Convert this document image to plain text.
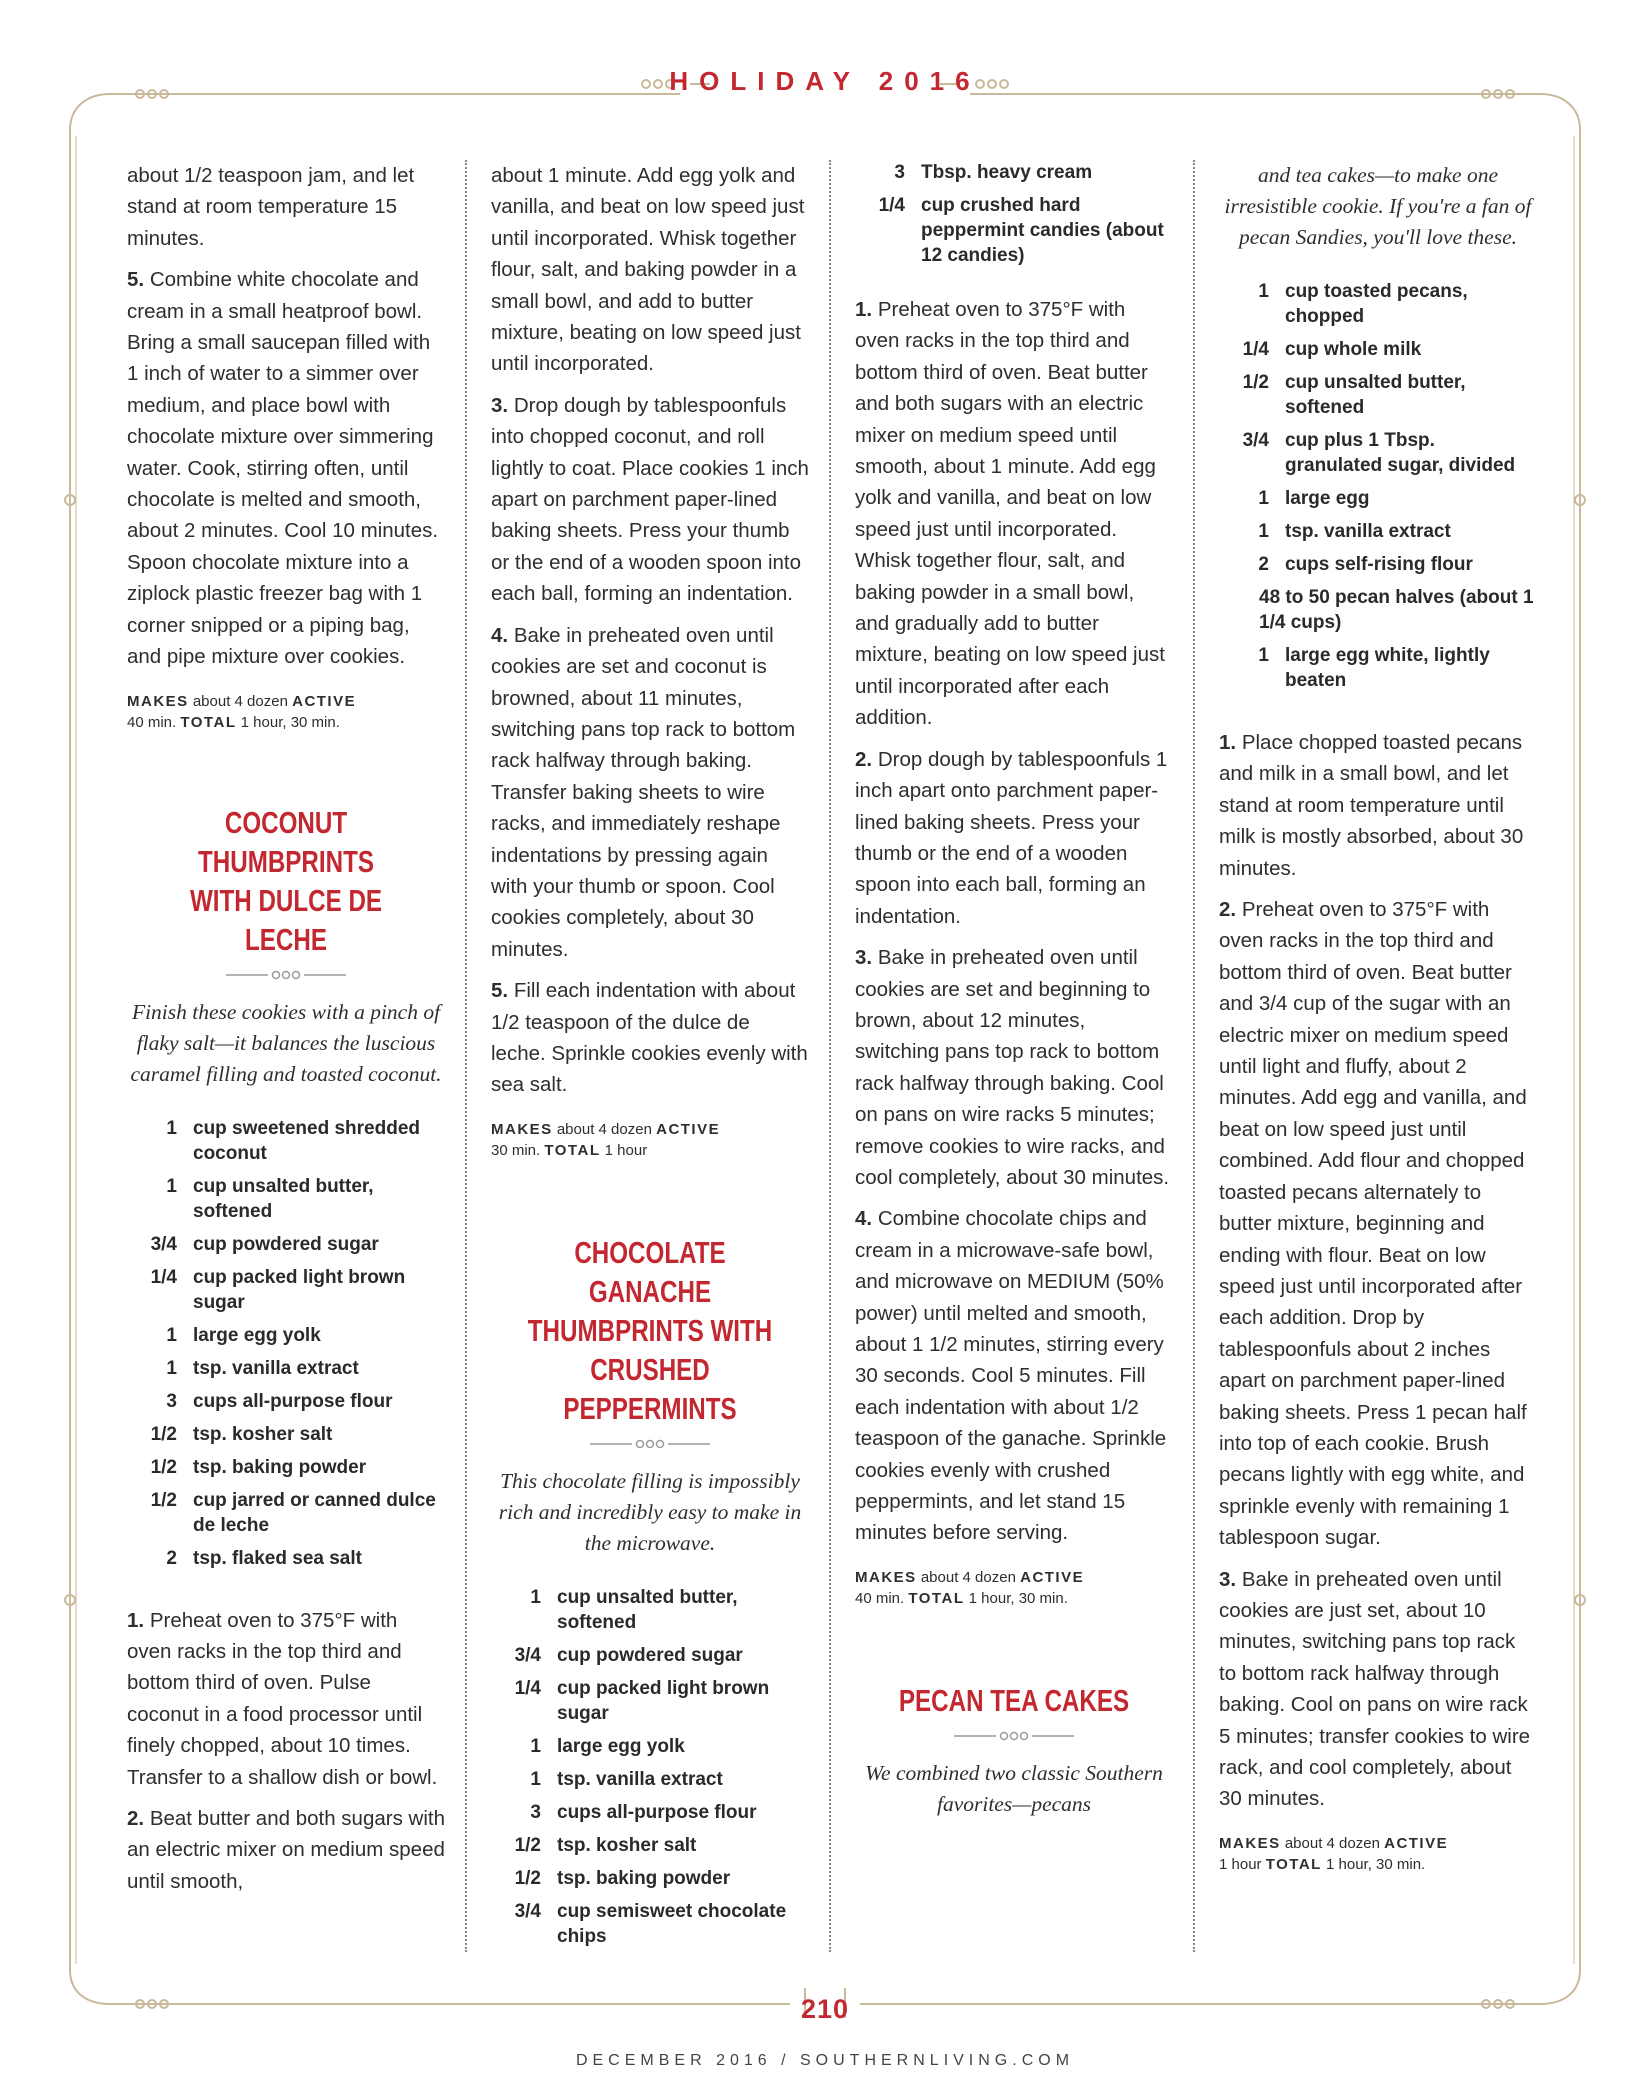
HOLIDAY 2016

about 1/2 teaspoon jam, and let stand at room temperature 15 minutes.

5. Combine white chocolate and cream in a small heatproof bowl. Bring a small saucepan filled with 1 inch of water to a simmer over medium, and place bowl with chocolate mixture over simmering water. Cook, stirring often, until chocolate is melted and smooth, about 2 minutes. Cool 10 minutes. Spoon chocolate mixture into a ziplock plastic freezer bag with 1 corner snipped or a piping bag, and pipe mixture over cookies.

MAKES about 4 dozen ACTIVE
40 min. TOTAL 1 hour, 30 min.

COCONUT THUMBPRINTS
WITH DULCE DE LECHE

Finish these cookies with a pinch of flaky salt—it balances the luscious caramel filling and toasted coconut.

1 cup sweetened shredded coconut
1 cup unsalted butter, softened
3/4 cup powdered sugar
1/4 cup packed light brown sugar
1 large egg yolk
1 tsp. vanilla extract
3 cups all-purpose flour
1/2 tsp. kosher salt
1/2 tsp. baking powder
1/2 cup jarred or canned dulce de leche
2 tsp. flaked sea salt

1. Preheat oven to 375°F with oven racks in the top third and bottom third of oven. Pulse coconut in a food processor until finely chopped, about 10 times. Transfer to a shallow dish or bowl.

2. Beat butter and both sugars with an electric mixer on medium speed until smooth,

about 1 minute. Add egg yolk and vanilla, and beat on low speed just until incorporated. Whisk together flour, salt, and baking powder in a small bowl, and add to butter mixture, beating on low speed just until incorporated.

3. Drop dough by tablespoonfuls into chopped coconut, and roll lightly to coat. Place cookies 1 inch apart on parchment paper-lined baking sheets. Press your thumb or the end of a wooden spoon into each ball, forming an indentation.

4. Bake in preheated oven until cookies are set and coconut is browned, about 11 minutes, switching pans top rack to bottom rack halfway through baking. Transfer baking sheets to wire racks, and immediately reshape indentations by pressing again with your thumb or spoon. Cool cookies completely, about 30 minutes.

5. Fill each indentation with about 1/2 teaspoon of the dulce de leche. Sprinkle cookies evenly with sea salt.

MAKES about 4 dozen ACTIVE
30 min. TOTAL 1 hour

CHOCOLATE GANACHE
THUMBPRINTS WITH
CRUSHED PEPPERMINTS

This chocolate filling is impossibly rich and incredibly easy to make in the microwave.

1 cup unsalted butter, softened
3/4 cup powdered sugar
1/4 cup packed light brown sugar
1 large egg yolk
1 tsp. vanilla extract
3 cups all-purpose flour
1/2 tsp. kosher salt
1/2 tsp. baking powder
3/4 cup semisweet chocolate chips
3 Tbsp. heavy cream
1/4 cup crushed hard peppermint candies (about 12 candies)

1. Preheat oven to 375°F with oven racks in the top third and bottom third of oven. Beat butter and both sugars with an electric mixer on medium speed until smooth, about 1 minute. Add egg yolk and vanilla, and beat on low speed just until incorporated. Whisk together flour, salt, and baking powder in a small bowl, and gradually add to butter mixture, beating on low speed just until incorporated after each addition.

2. Drop dough by tablespoonfuls 1 inch apart onto parchment paper-lined baking sheets. Press your thumb or the end of a wooden spoon into each ball, forming an indentation.

3. Bake in preheated oven until cookies are set and beginning to brown, about 12 minutes, switching pans top rack to bottom rack halfway through baking. Cool on pans on wire racks 5 minutes; remove cookies to wire racks, and cool completely, about 30 minutes.

4. Combine chocolate chips and cream in a microwave-safe bowl, and microwave on MEDIUM (50% power) until melted and smooth, about 1 1/2 minutes, stirring every 30 seconds. Cool 5 minutes. Fill each indentation with about 1/2 teaspoon of the ganache. Sprinkle cookies evenly with crushed peppermints, and let stand 15 minutes before serving.

MAKES about 4 dozen ACTIVE
40 min. TOTAL 1 hour, 30 min.

PECAN TEA CAKES

We combined two classic Southern favorites—pecans

and tea cakes—to make one irresistible cookie. If you're a fan of pecan Sandies, you'll love these.

1 cup toasted pecans, chopped
1/4 cup whole milk
1/2 cup unsalted butter, softened
3/4 cup plus 1 Tbsp. granulated sugar, divided
1 large egg
1 tsp. vanilla extract
2 cups self-rising flour
48 to 50 pecan halves (about 1 1/4 cups)
1 large egg white, lightly beaten

1. Place chopped toasted pecans and milk in a small bowl, and let stand at room temperature until milk is mostly absorbed, about 30 minutes.

2. Preheat oven to 375°F with oven racks in the top third and bottom third of oven. Beat butter and 3/4 cup of the sugar with an electric mixer on medium speed until light and fluffy, about 2 minutes. Add egg and vanilla, and beat on low speed just until combined. Add flour and chopped toasted pecans alternately to butter mixture, beginning and ending with flour. Beat on low speed just until incorporated after each addition. Drop by tablespoonfuls about 2 inches apart on parchment paper-lined baking sheets. Press 1 pecan half into top of each cookie. Brush pecans lightly with egg white, and sprinkle evenly with remaining 1 tablespoon sugar.

3. Bake in preheated oven until cookies are just set, about 10 minutes, switching pans top rack to bottom rack halfway through baking. Cool on pans on wire rack 5 minutes; transfer cookies to wire rack, and cool completely, about 30 minutes.

MAKES about 4 dozen ACTIVE
1 hour TOTAL 1 hour, 30 min.

210
DECEMBER 2016 / SOUTHERNLIVING.COM
